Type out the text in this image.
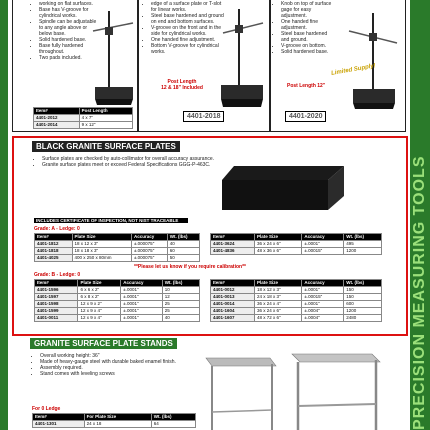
PRECISION MEASURING TOOLS
• working on flat surfaces.
• Base has V-groove for cylindrical works.
• Spindle can be adjustable to any angle above or below base.
• Solid hardened base.
• Base fully hardened throughout.
• Two pads included.
Item#	Post Length
4401-2012	4 x 7"
4401-2014	9 x 12"
• edge of a surface plate or T-slot for linear works.
• Steel base hardened and ground on end and bottom surfaces.
• V-groove on the front and in the side for cylindrical works.
• One handed fine adjustment.
• Bottom V-groove for cylindrical works.
Post Length
12 & 18" Included
4401-2018
• Knob on top of surface gage for easy adjustment.
• One handed fine adjustment.
• Steel base hardened and ground.
• V-groove on bottom.
• Solid hardened base.
Limited Supply!
Post Length 12"
4401-2020
BLACK GRANITE SURFACE PLATES
• Surface plates are checked by auto-collimator for overall accuracy assurance.
• Granite surface plates meet or exceed Federal Specifications GGG-P-463C.
INCLUDES CERTIFICATE OF INSPECTION, NOT NIST TRACEABLE
Grade: A - Ledge: 0
Item#	Plate Size	Accuracy	Wt. (lbs)
4401-1812	18 x 12 x 3"	±.000075"	40
4401-1818	18 x 18 x 3"	±.000075"	60
4401-4025	400 x 250 x 80mm	±.000075"	50
Item#	Plate Size	Accuracy	Wt. (lbs)
4401-3624	36 x 24 x 6"	±.0001"	495
4401-4836	48 x 36 x 6"	±.00015"	1200
**Please let us know if you require calibration**
Grade: B - Ledge: 0
Item#	Plate Size	Accuracy	Wt. (lbs)
4401-1596	6 x 6 x 2"	±.0001"	10
4401-1597	6 x 8 x 2"	±.0001"	12
4401-1598	12 x 9 x 2"	±.0001"	25
4401-1599	12 x 9 x 4"	±.0001"	25
4401-0011	12 x 9 x 4"	±.0001"	40
Item#	Plate Size	Accuracy	Wt. (lbs)
4401-0012	18 x 12 x 3"	±.0001"	150
4401-0013	24 x 18 x 3"	±.00015"	150
4401-0014	36 x 24 x 4"	±.0001"	600
4401-1604	36 x 24 x 6"	±.0004"	1200
4401-1607	48 x 72 x 6"	±.0004"	2480
GRANITE SURFACE PLATE STANDS
• Overall working height: 36"
• Made of heavy-gauge steel with durable baked enamel finish.
• Assembly required.
• Stand comes with leveling screws
For 0 Ledge
Item#	For Plate Size	Wt. (lbs)
4401-1301	24 x 18	64
